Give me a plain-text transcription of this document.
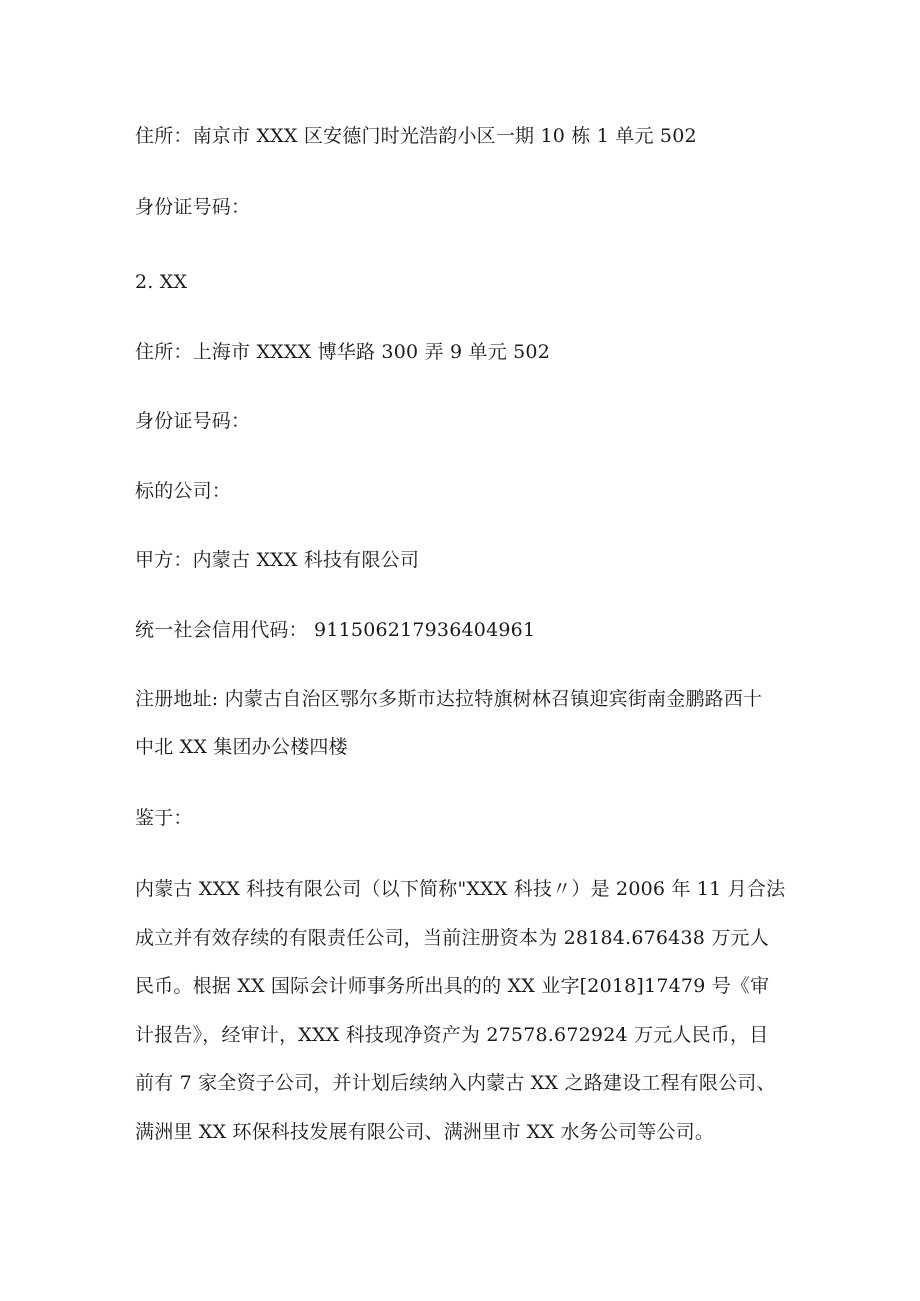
住所：南京市 XXX 区安德门时光浩韵小区一期 10 栋 1 单元 502
身份证号码：
2. XX
住所：上海市 XXXX 博华路 300 弄 9 单元 502
身份证号码：
标的公司：
甲方：内蒙古 XXX 科技有限公司
统一社会信用代码： 911506217936404961
注册地址: 内蒙古自治区鄂尔多斯市达拉特旗树林召镇迎宾街南金鹏路西十
中北 XX 集团办公楼四楼
鉴于：
内蒙古 XXX 科技有限公司（以下简称"XXX 科技〃）是 2006 年 11 月合法
成立并有效存续的有限责任公司，当前注册资本为 28184.676438 万元人
民币。根据 XX 国际会计师事务所出具的的 XX 业字[2018]17479 号《审
计报告》，经审计，XXX 科技现净资产为 27578.672924 万元人民币，目
前有 7 家全资子公司，并计划后续纳入内蒙古 XX 之路建设工程有限公司、
满洲里 XX 环保科技发展有限公司、满洲里市 XX 水务公司等公司。
